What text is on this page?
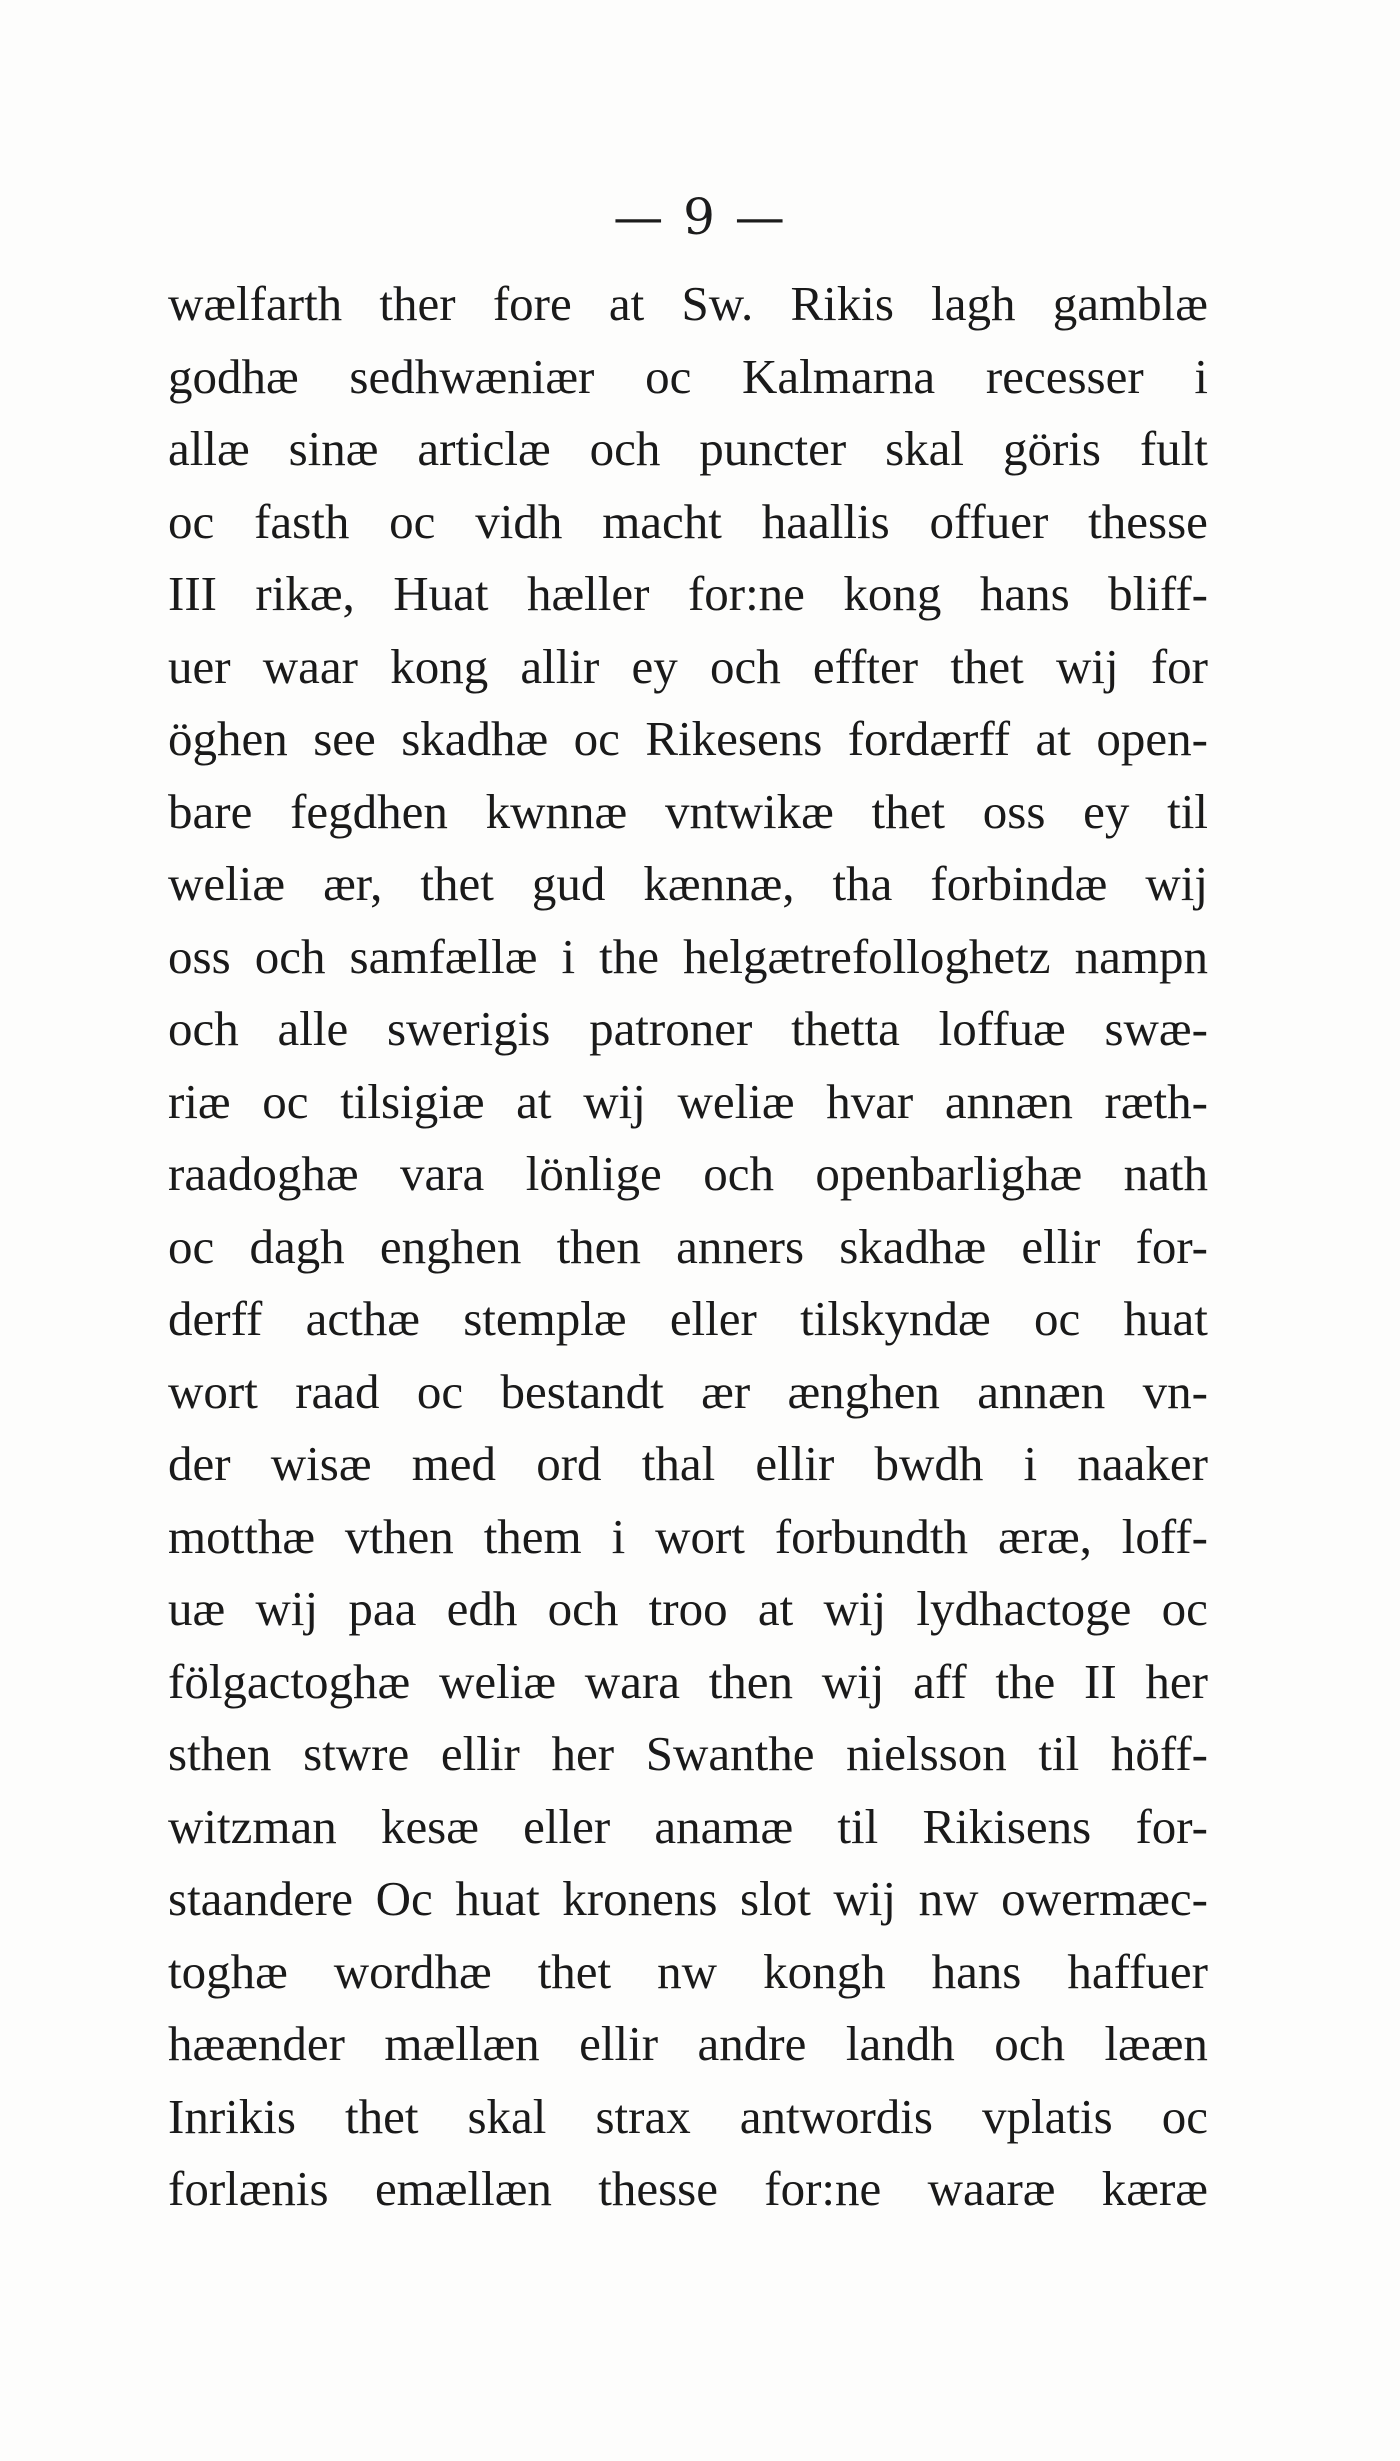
— 9 —
wælfarth ther fore at Sw. Rikis lagh gamblæ
godhæ sedhwæniær oc Kalmarna recesser i
allæ sinæ articlæ och puncter skal göris fult
oc fasth oc vidh macht haallis offuer thesse
III rikæ, Huat hæller for:ne kong hans bliff-
uer waar kong allir ey och effter thet wij for
öghen see skadhæ oc Rikesens fordærff at open-
bare fegdhen kwnnæ vntwikæ thet oss ey til
weliæ ær, thet gud kænnæ, tha forbindæ wij
oss och samfællæ i the helgætrefolloghetz nampn
och alle swerigis patroner thetta loffuæ swæ-
riæ oc tilsigiæ at wij weliæ hvar annæn ræth-
raadoghæ vara lönlige och openbarlighæ nath
oc dagh enghen then anners skadhæ ellir for-
derff acthæ stemplæ eller tilskyndæ oc huat
wort raad oc bestandt ær ænghen annæn vn-
der wisæ med ord thal ellir bwdh i naaker
motthæ vthen them i wort forbundth æræ, loff-
uæ wij paa edh och troo at wij lydhactoge oc
fölgactoghæ weliæ wara then wij aff the II her
sthen stwre ellir her Swanthe nielsson til höff-
witzman kesæ eller anamæ til Rikisens for-
staandere Oc huat kronens slot wij nw owermæc-
toghæ wordhæ thet nw kongh hans haffuer
hæænder mællæn ellir andre landh och lææn
Inrikis thet skal strax antwordis vplatis oc
forlænis emællæn thesse for:ne waaræ kæræ
